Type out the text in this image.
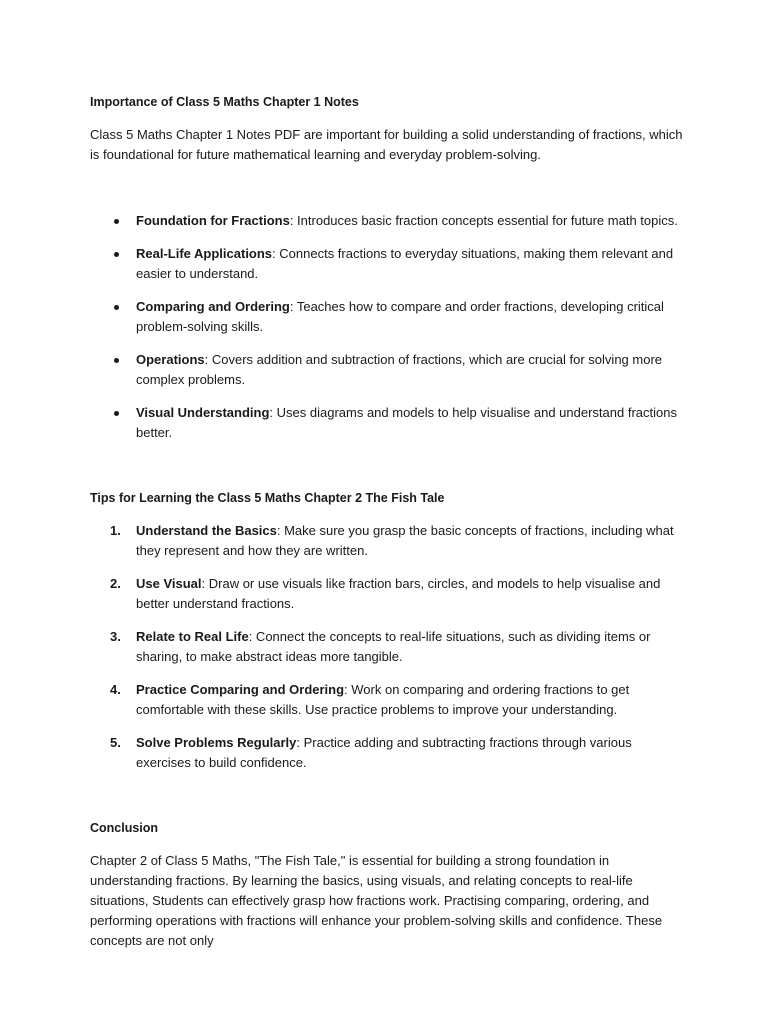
Importance of Class 5 Maths Chapter 1 Notes

Class 5 Maths Chapter 1 Notes PDF are important for building a solid understanding of fractions, which is foundational for future mathematical learning and everyday problem-solving.

Foundation for Fractions: Introduces basic fraction concepts essential for future math topics.
Real-Life Applications: Connects fractions to everyday situations, making them relevant and easier to understand.
Comparing and Ordering: Teaches how to compare and order fractions, developing critical problem-solving skills.
Operations: Covers addition and subtraction of fractions, which are crucial for solving more complex problems.
Visual Understanding: Uses diagrams and models to help visualise and understand fractions better.

Tips for Learning the Class 5 Maths Chapter 2 The Fish Tale

1.	Understand the Basics: Make sure you grasp the basic concepts of fractions, including what they represent and how they are written.
2.	Use Visual: Draw or use visuals like fraction bars, circles, and models to help visualise and better understand fractions.
3.	Relate to Real Life: Connect the concepts to real-life situations, such as dividing items or sharing, to make abstract ideas more tangible.
4.	Practice Comparing and Ordering: Work on comparing and ordering fractions to get comfortable with these skills. Use practice problems to improve your understanding.
5.	Solve Problems Regularly: Practice adding and subtracting fractions through various exercises to build confidence.

Conclusion

Chapter 2 of Class 5 Maths, "The Fish Tale," is essential for building a strong foundation in understanding fractions. By learning the basics, using visuals, and relating concepts to real-life situations, Students can effectively grasp how fractions work. Practising comparing, ordering, and performing operations with fractions will enhance your problem-solving skills and confidence. These concepts are not only
